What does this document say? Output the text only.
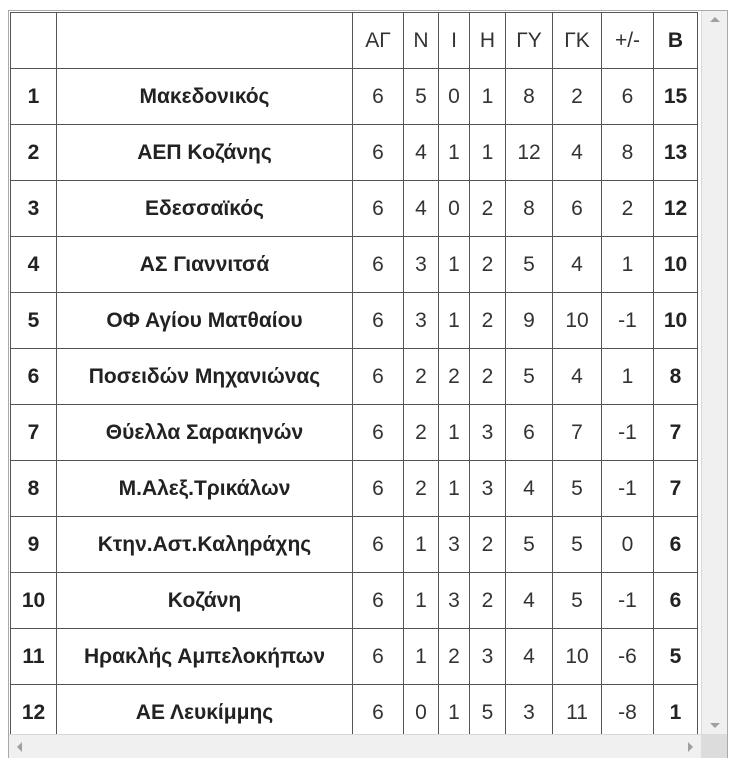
		ΑΓ	Ν	Ι	Η	ΓΥ	ΓΚ	+/-	Β
1	Μακεδονικός	6	5	0	1	8	2	6	15
2	ΑΕΠ Κοζάνης	6	4	1	1	12	4	8	13
3	Εδεσσαϊκός	6	4	0	2	8	6	2	12
4	ΑΣ Γιαννιτσά	6	3	1	2	5	4	1	10
5	ΟΦ Αγίου Ματθαίου	6	3	1	2	9	10	-1	10
6	Ποσειδών Μηχανιώνας	6	2	2	2	5	4	1	8
7	Θύελλα Σαρακηνών	6	2	1	3	6	7	-1	7
8	Μ.Αλεξ.Τρικάλων	6	2	1	3	4	5	-1	7
9	Κτην.Αστ.Καληράχης	6	1	3	2	5	5	0	6
10	Κοζάνη	6	1	3	2	4	5	-1	6
11	Ηρακλής Αμπελοκήπων	6	1	2	3	4	10	-6	5
12	ΑΕ Λευκίμμης	6	0	1	5	3	11	-8	1
